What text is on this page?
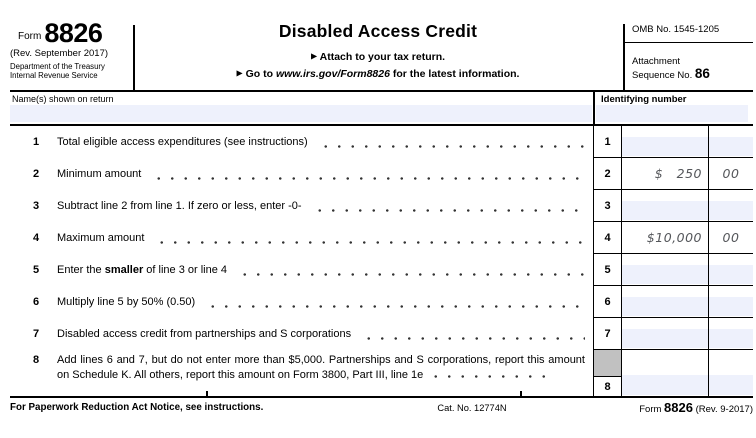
Form 8826
(Rev. September 2017)
Department of the Treasury
Internal Revenue Service
Disabled Access Credit
▶ Attach to your tax return.
▶ Go to www.irs.gov/Form8826 for the latest information.
OMB No. 1545-1205
Attachment
Sequence No. 86
Name(s) shown on return	Identifying number
1	Total eligible access expenditures (see instructions)	1
2	Minimum amount	2	$   250 00
3	Subtract line 2 from line 1. If zero or less, enter -0-	3
4	Maximum amount	4	$10,000 00
5	Enter the smaller of line 3 or line 4	5
6	Multiply line 5 by 50% (0.50)	6
7	Disabled access credit from partnerships and S corporations	7
8	Add lines 6 and 7, but do not enter more than $5,000. Partnerships and S corporations, report this amount on Schedule K. All others, report this amount on Form 3800, Part III, line 1e
8
For Paperwork Reduction Act Notice, see instructions.	Cat. No. 12774N	Form 8826 (Rev. 9-2017)
